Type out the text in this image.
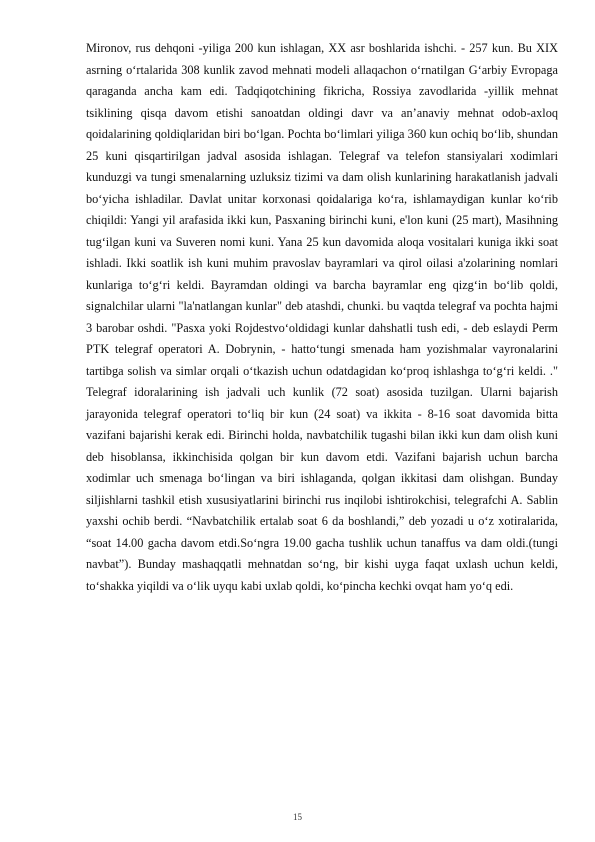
Mironov, rus dehqoni -yiliga 200 kun ishlagan, XX asr boshlarida ishchi. - 257 kun. Bu XIX asrning o‘rtalarida 308 kunlik zavod mehnati modeli allaqachon o‘rnatilgan G‘arbiy Evropaga qaraganda ancha kam edi. Tadqiqotchining fikricha, Rossiya zavodlarida -yillik mehnat tsiklining qisqa davom etishi sanoatdan oldingi davr va an’anaviy mehnat odob-axloq qoidalarining qoldiqlaridan biri bo‘lgan. Pochta bo‘limlari yiliga 360 kun ochiq bo‘lib, shundan 25 kuni qisqartirilgan jadval asosida ishlagan. Telegraf va telefon stansiyalari xodimlari kunduzgi va tungi smenalarning uzluksiz tizimi va dam olish kunlarining harakatlanish jadvali bo‘yicha ishladilar. Davlat unitar korxonasi qoidalariga ko‘ra, ishlamaydigan kunlar ko‘rib chiqildi: Yangi yil arafasida ikki kun, Pasxaning birinchi kuni, e'lon kuni (25 mart), Masihning tug‘ilgan kuni va Suveren nomi kuni. Yana 25 kun davomida aloqa vositalari kuniga ikki soat ishladi. Ikki soatlik ish kuni muhim pravoslav bayramlari va qirol oilasi a'zolarining nomlari kunlariga to‘g‘ri keldi. Bayramdan oldingi va barcha bayramlar eng qizg‘in bo‘lib qoldi, signalchilar ularni "la'natlangan kunlar" deb atashdi, chunki. bu vaqtda telegraf va pochta hajmi 3 barobar oshdi. "Pasxa yoki Rojdestvo‘oldidagi kunlar dahshatli tush edi, - deb eslaydi Perm PTK telegraf operatori A. Dobrynin, - hatto‘tungi smenada ham yozishmalar vayronalarini tartibga solish va simlar orqali o‘tkazish uchun odatdagidan ko‘proq ishlashga to‘g‘ri keldi. ." Telegraf idoralarining ish jadvali uch kunlik (72 soat) asosida tuzilgan. Ularni bajarish jarayonida telegraf operatori to‘liq bir kun (24 soat) va ikkita - 8-16 soat davomida bitta vazifani bajarishi kerak edi. Birinchi holda, navbatchilik tugashi bilan ikki kun dam olish kuni deb hisoblansa, ikkinchisida qolgan bir kun davom etdi. Vazifani bajarish uchun barcha xodimlar uch smenaga bo‘lingan va biri ishlaganda, qolgan ikkitasi dam olishgan. Bunday siljishlarni tashkil etish xususiyatlarini birinchi rus inqilobi ishtirokchisi, telegrafchi A. Sablin yaxshi ochib berdi. “Navbatchilik ertalab soat 6 da boshlandi,” deb yozadi u o‘z xotiralarida, “soat 14.00 gacha davom etdi.So‘ngra 19.00 gacha tushlik uchun tanaffus va dam oldi.(tungi navbat”). Bunday mashaqqatli mehnatdan so‘ng, bir kishi uyga faqat uxlash uchun keldi, to‘shakka yiqildi va o‘lik uyqu kabi uxlab qoldi, ko‘pincha kechki ovqat ham yo‘q edi.

15
